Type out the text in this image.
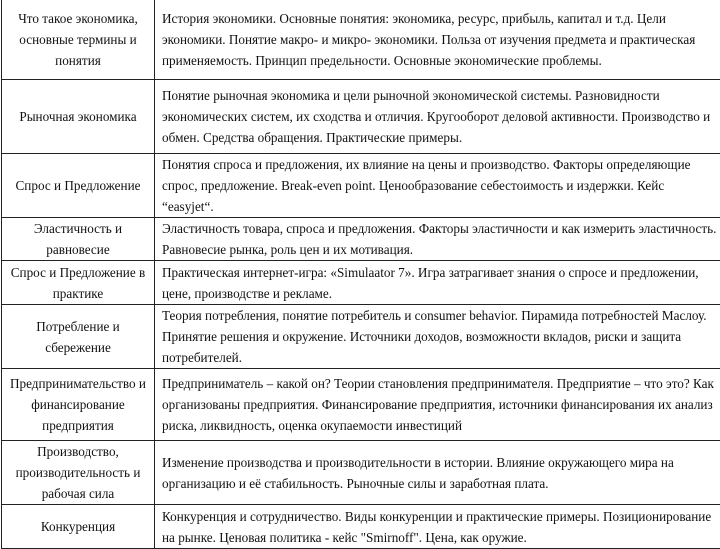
Что такое экономика, основные термины и понятия	История экономики. Основные понятия: экономика, ресурс, прибыль, капитал и т.д. Цели экономики. Понятие макро- и микро- экономики. Польза от изучения предмета и практическая применяемость. Принцип предельности. Основные экономические проблемы.
Рыночная экономика	Понятие рыночная экономика и цели рыночной экономической системы. Разновидности экономических систем, их сходства и отличия. Кругооборот деловой активности. Производство и обмен. Средства обращения. Практические примеры.
Спрос и Предложение	Понятия спроса и предложения, их влияние на цены и производство. Факторы определяющие спрос, предложение. Break-even point. Ценообразование себестоимость и издержки. Кейс “easyjet“.
Эластичность и равновесие	Эластичность товара, спроса и предложения. Факторы эластичности и как измерить эластичность. Равновесие рынка, роль цен и их мотивация.
Спрос и Предложение в практике	Практическая интернет-игра: «Simulaator 7». Игра затрагивает знания о спросе и предложении, цене, производстве и рекламе.
Потребление и сбережение	Теория потребления, понятие потребитель и consumer behavior. Пирамида потребностей Маслоу. Принятие решения и окружение. Источники доходов, возможности вкладов, риски и защита потребителей.
Предпринимательство и финансирование предприятия	Предприниматель – какой он? Теории становления предпринимателя. Предприятие – что это? Как организованы предприятия. Финансирование предприятия, источники финансирования их анализ риска, ликвидность, оценка окупаемости инвестиций
Производство, производительность и рабочая сила	Изменение производства и производительности в истории. Влияние окружающего мира на организацию и её стабильность. Рыночные силы и заработная плата.
Конкуренция	Конкуренция и сотрудничество. Виды конкуренции и практические примеры. Позиционирование на рынке. Ценовая политика - кейс "Smirnoff". Цена, как оружие.
